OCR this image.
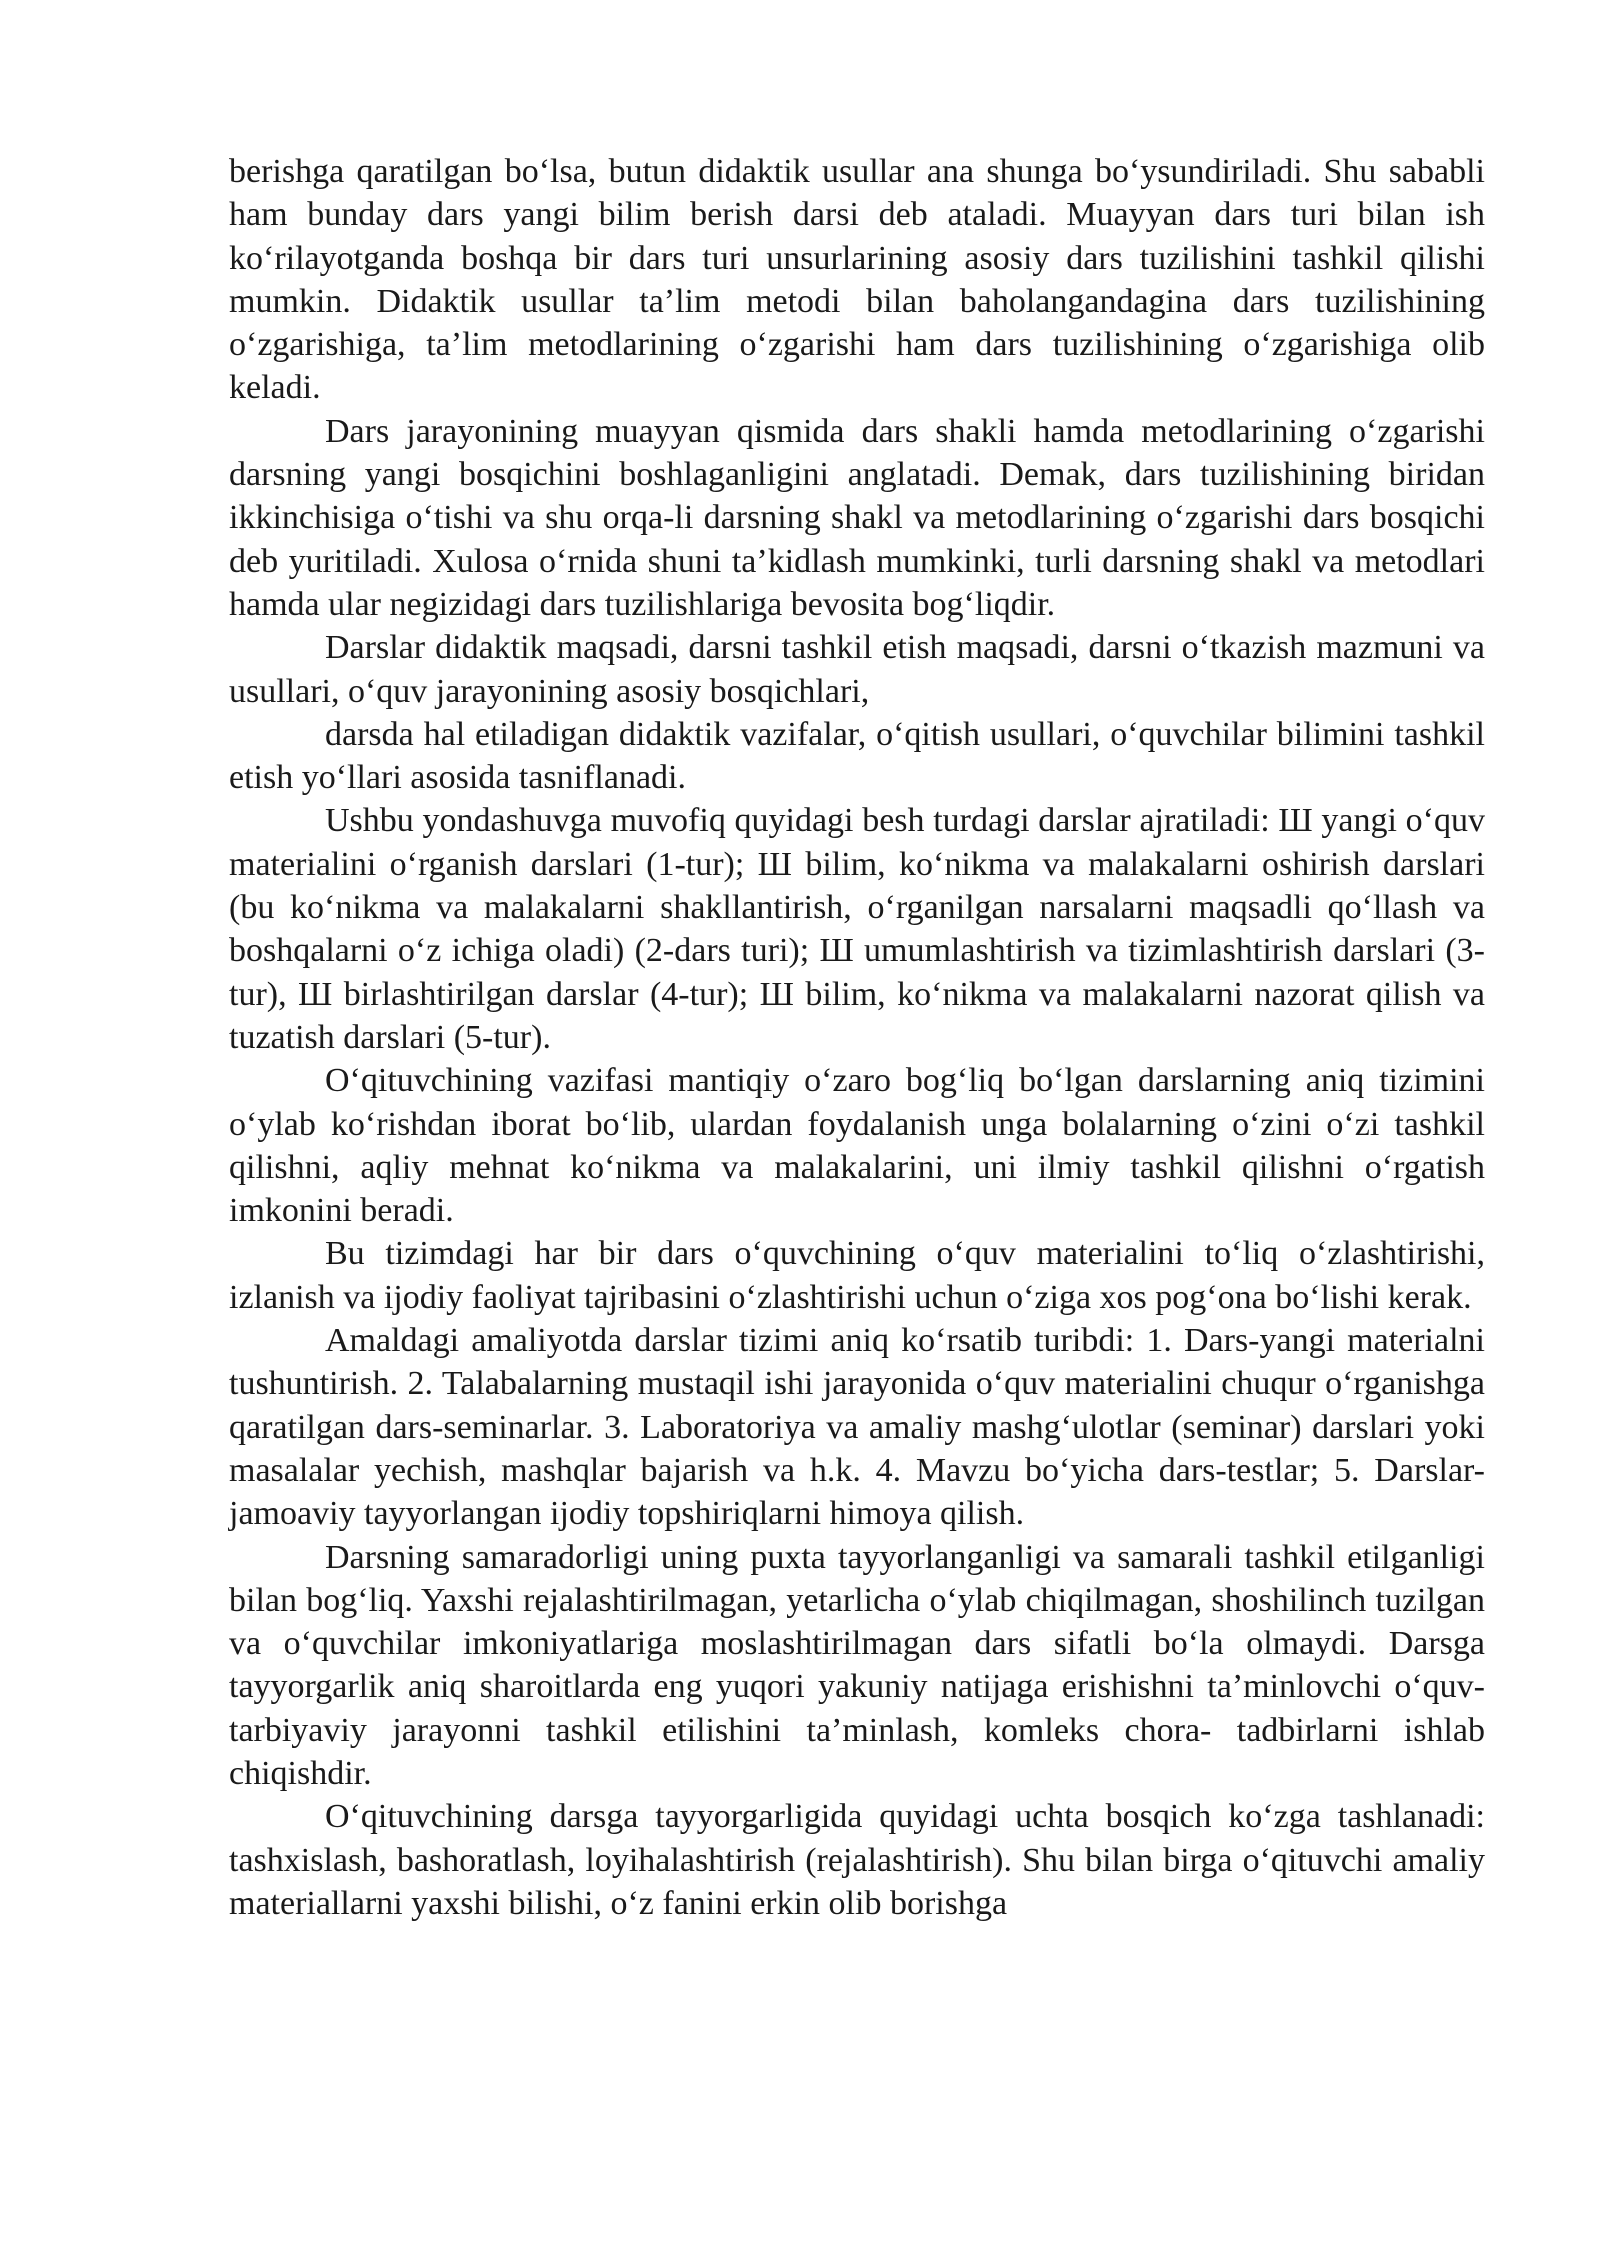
berishga qaratilgan bo‘lsa, butun didaktik usullar ana shunga bo‘ysundiriladi. Shu sababli ham bunday dars yangi bilim berish darsi deb ataladi. Muayyan dars turi bilan ish ko‘rilayotganda boshqa bir dars turi unsurlarining asosiy dars tuzilishini tashkil qilishi mumkin. Didaktik usullar ta’lim metodi bilan baholangandagina dars tuzilishining o‘zgarishiga, ta’lim metodlarining o‘zgarishi ham dars tuzilishining o‘zgarishiga olib keladi.

Dars jarayonining muayyan qismida dars shakli hamda metodlarining o‘zgarishi darsning yangi bosqichini boshlaganligini anglatadi. Demak, dars tuzilishining biridan ikkinchisiga o‘tishi va shu orqa-li darsning shakl va metodlarining o‘zgarishi dars bosqichi deb yuritiladi. Xulosa o‘rnida shuni ta’kidlash mumkinki, turli darsning shakl va metodlari hamda ular negizidagi dars tuzilishlariga bevosita bog‘liqdir.

Darslar didaktik maqsadi, darsni tashkil etish maqsadi, darsni o‘tkazish mazmuni va usullari, o‘quv jarayonining asosiy bosqichlari,

darsda hal etiladigan didaktik vazifalar, o‘qitish usullari, o‘quvchilar bilimini tashkil etish yo‘llari asosida tasniflanadi.

Ushbu yondashuvga muvofiq quyidagi besh turdagi darslar ajratiladi: Ш yangi o‘quv materialini o‘rganish darslari (1-tur); Ш bilim, ko‘nikma va malakalarni oshirish darslari (bu ko‘nikma va malakalarni shakllantirish, o‘rganilgan narsalarni maqsadli qo‘llash va boshqalarni o‘z ichiga oladi) (2-dars turi); Ш umumlashtirish va tizimlashtirish darslari (3-tur), Ш birlashtirilgan darslar (4-tur); Ш bilim, ko‘nikma va malakalarni nazorat qilish va tuzatish darslari (5-tur).

O‘qituvchining vazifasi mantiqiy o‘zaro bog‘liq bo‘lgan darslarning aniq tizimini o‘ylab ko‘rishdan iborat bo‘lib, ulardan foydalanish unga bolalarning o‘zini o‘zi tashkil qilishni, aqliy mehnat ko‘nikma va malakalarini, uni ilmiy tashkil qilishni o‘rgatish imkonini beradi.

Bu tizimdagi har bir dars o‘quvchining o‘quv materialini to‘liq o‘zlashtirishi, izlanish va ijodiy faoliyat tajribasini o‘zlashtirishi uchun o‘ziga xos pog‘ona bo‘lishi kerak.

Amaldagi amaliyotda darslar tizimi aniq ko‘rsatib turibdi: 1. Dars-yangi materialni tushuntirish. 2. Talabalarning mustaqil ishi jarayonida o‘quv materialini chuqur o‘rganishga qaratilgan dars-seminarlar. 3. Laboratoriya va amaliy mashg‘ulotlar (seminar) darslari yoki masalalar yechish, mashqlar bajarish va h.k. 4. Mavzu bo‘yicha dars-testlar; 5. Darslar-jamoaviy tayyorlangan ijodiy topshiriqlarni himoya qilish.

Darsning samaradorligi uning puxta tayyorlanganligi va samarali tashkil etilganligi bilan bog‘liq. Yaxshi rejalashtirilmagan, yetarlicha o‘ylab chiqilmagan, shoshilinch tuzilgan va o‘quvchilar imkoniyatlariga moslashtirilmagan dars sifatli bo‘la olmaydi. Darsga tayyorgarlik aniq sharoitlarda eng yuqori yakuniy natijaga erishishni ta’minlovchi o‘quv-tarbiyaviy jarayonni tashkil etilishini ta’minlash, komleks chora- tadbirlarni ishlab chiqishdir.

O‘qituvchining darsga tayyorgarligida quyidagi uchta bosqich ko‘zga tashlanadi: tashxislash, bashoratlash, loyihalashtirish (rejalashtirish). Shu bilan birga o‘qituvchi amaliy materiallarni yaxshi bilishi, o‘z fanini erkin olib borishga
